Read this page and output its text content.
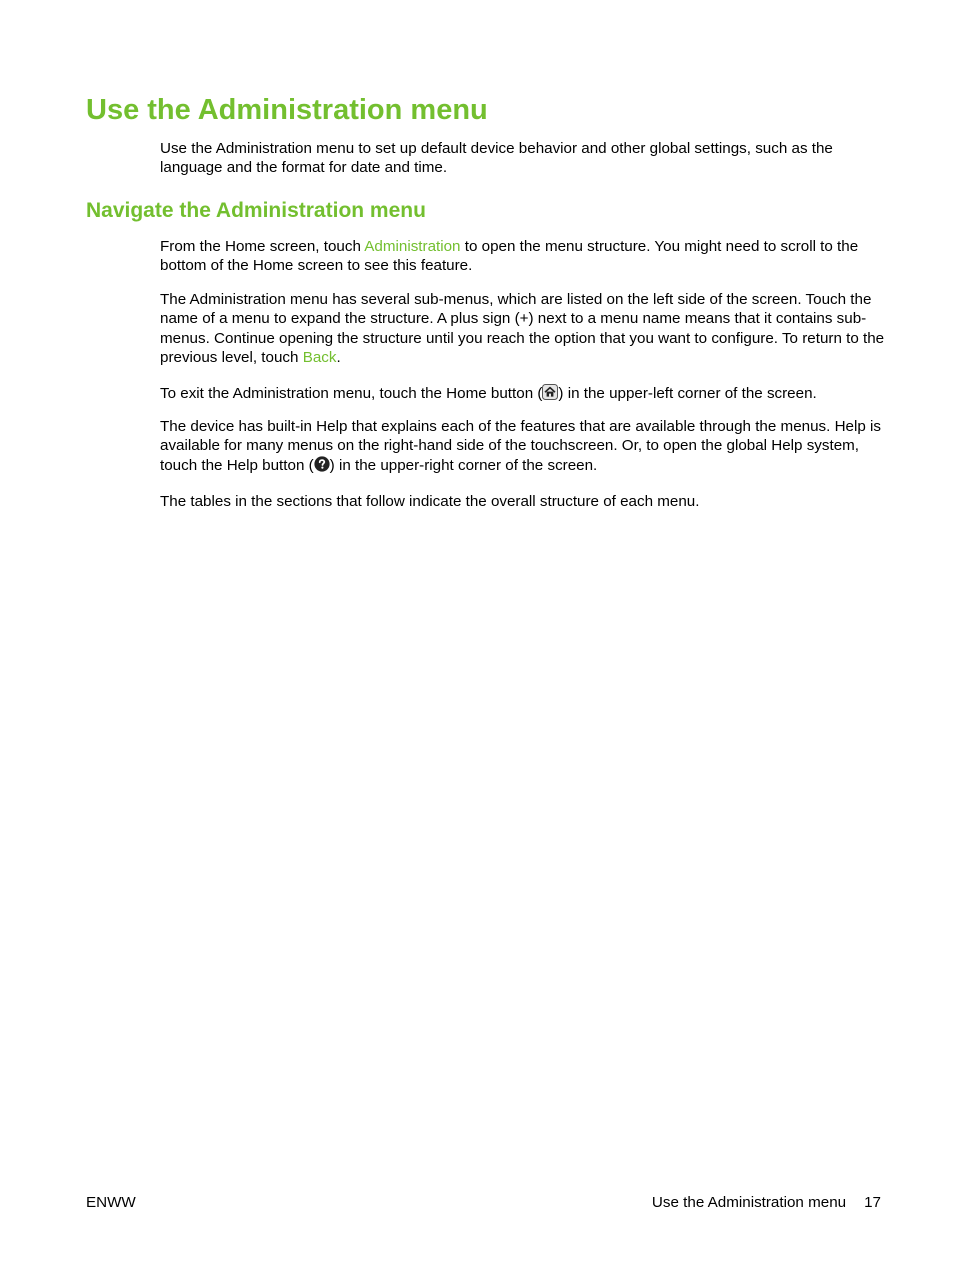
Use the Administration menu

Use the Administration menu to set up default device behavior and other global settings, such as the language and the format for date and time.

Navigate the Administration menu

From the Home screen, touch Administration to open the menu structure. You might need to scroll to the bottom of the Home screen to see this feature.

The Administration menu has several sub-menus, which are listed on the left side of the screen. Touch the name of a menu to expand the structure. A plus sign (+) next to a menu name means that it contains sub-menus. Continue opening the structure until you reach the option that you want to configure. To return to the previous level, touch Back.

To exit the Administration menu, touch the Home button ( ) in the upper-left corner of the screen.

The device has built-in Help that explains each of the features that are available through the menus. Help is available for many menus on the right-hand side of the touchscreen. Or, to open the global Help system, touch the Help button ( ) in the upper-right corner of the screen.

The tables in the sections that follow indicate the overall structure of each menu.

ENWW	Use the Administration menu 17
